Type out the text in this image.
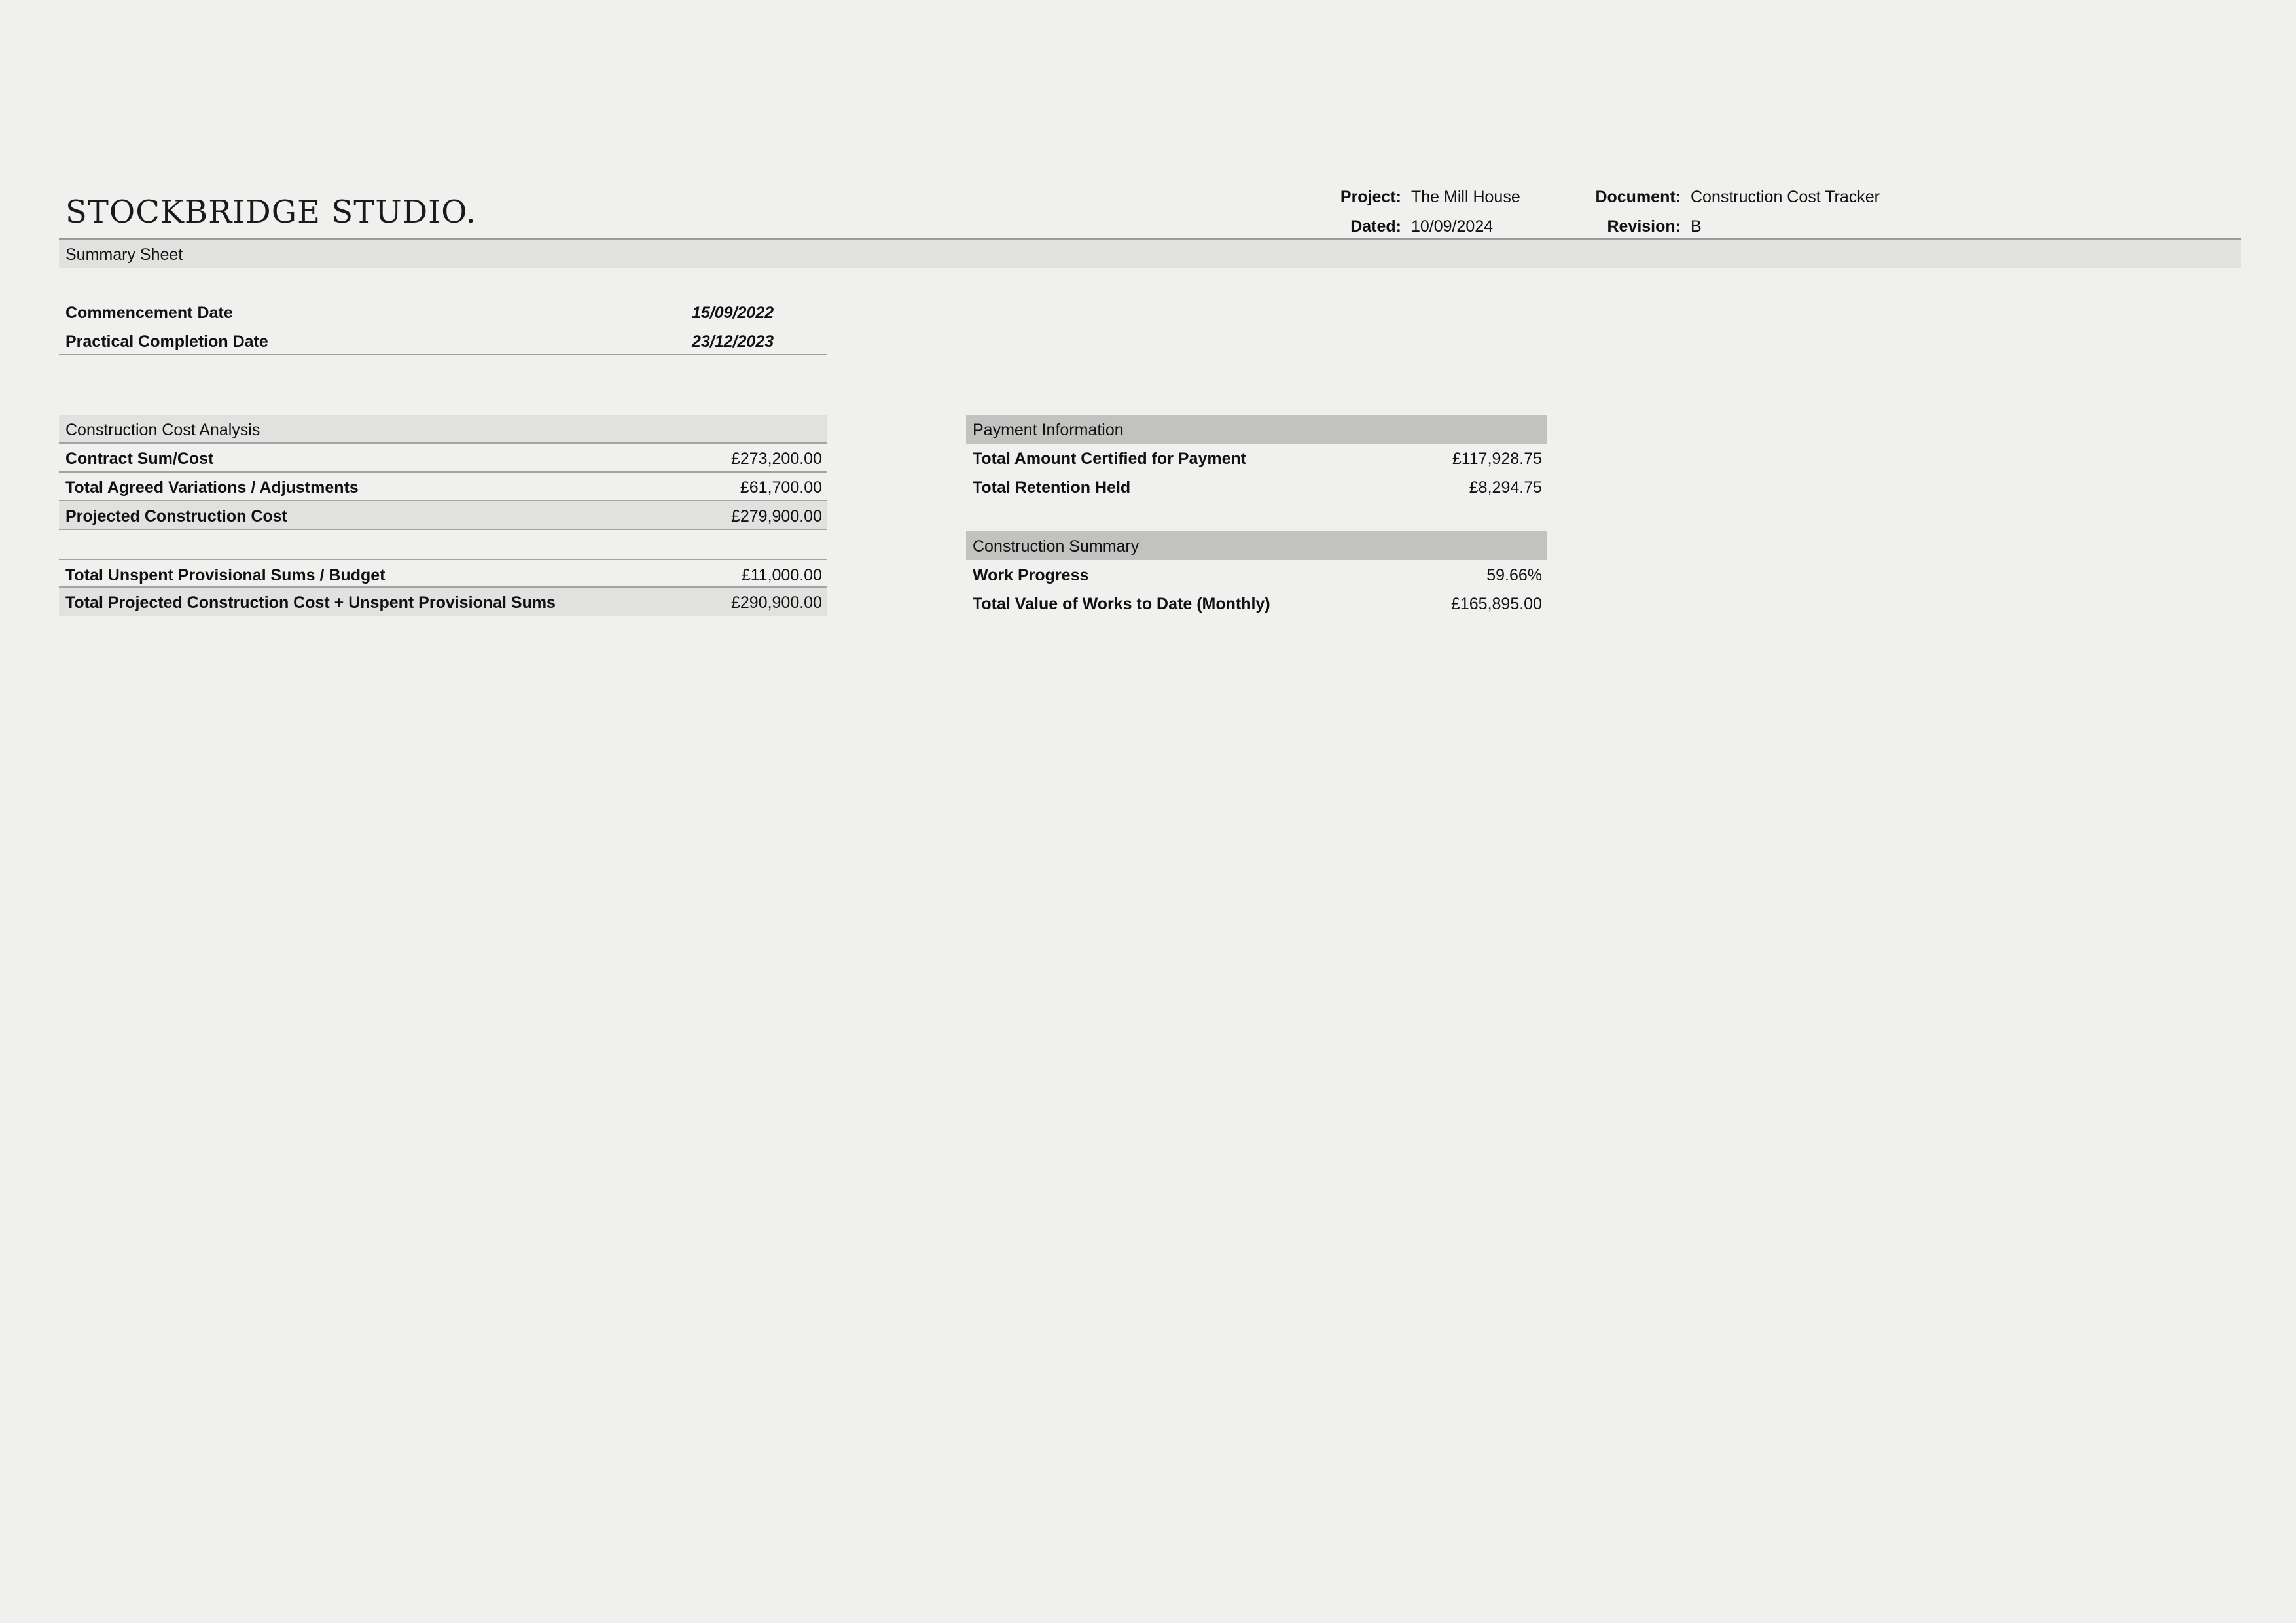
STOCKBRIDGE STUDIO.	Project: The Mill House
Dated: 10/09/2024
Document: Construction Cost Tracker
Revision: B
Summary Sheet
Commencement Date	15/09/2022
Practical Completion Date	23/12/2023
Construction Cost Analysis
Contract Sum/Cost	£273,200.00
Total Agreed Variations / Adjustments	£61,700.00
Projected Construction Cost	£279,900.00
Total Unspent Provisional Sums / Budget	£11,000.00
Total Projected Construction Cost + Unspent Provisional Sums	£290,900.00
Payment Information
Total Amount Certified for Payment	£117,928.75
Total Retention Held	£8,294.75
Construction Summary
Work Progress	59.66%
Total Value of Works to Date (Monthly)	£165,895.00
